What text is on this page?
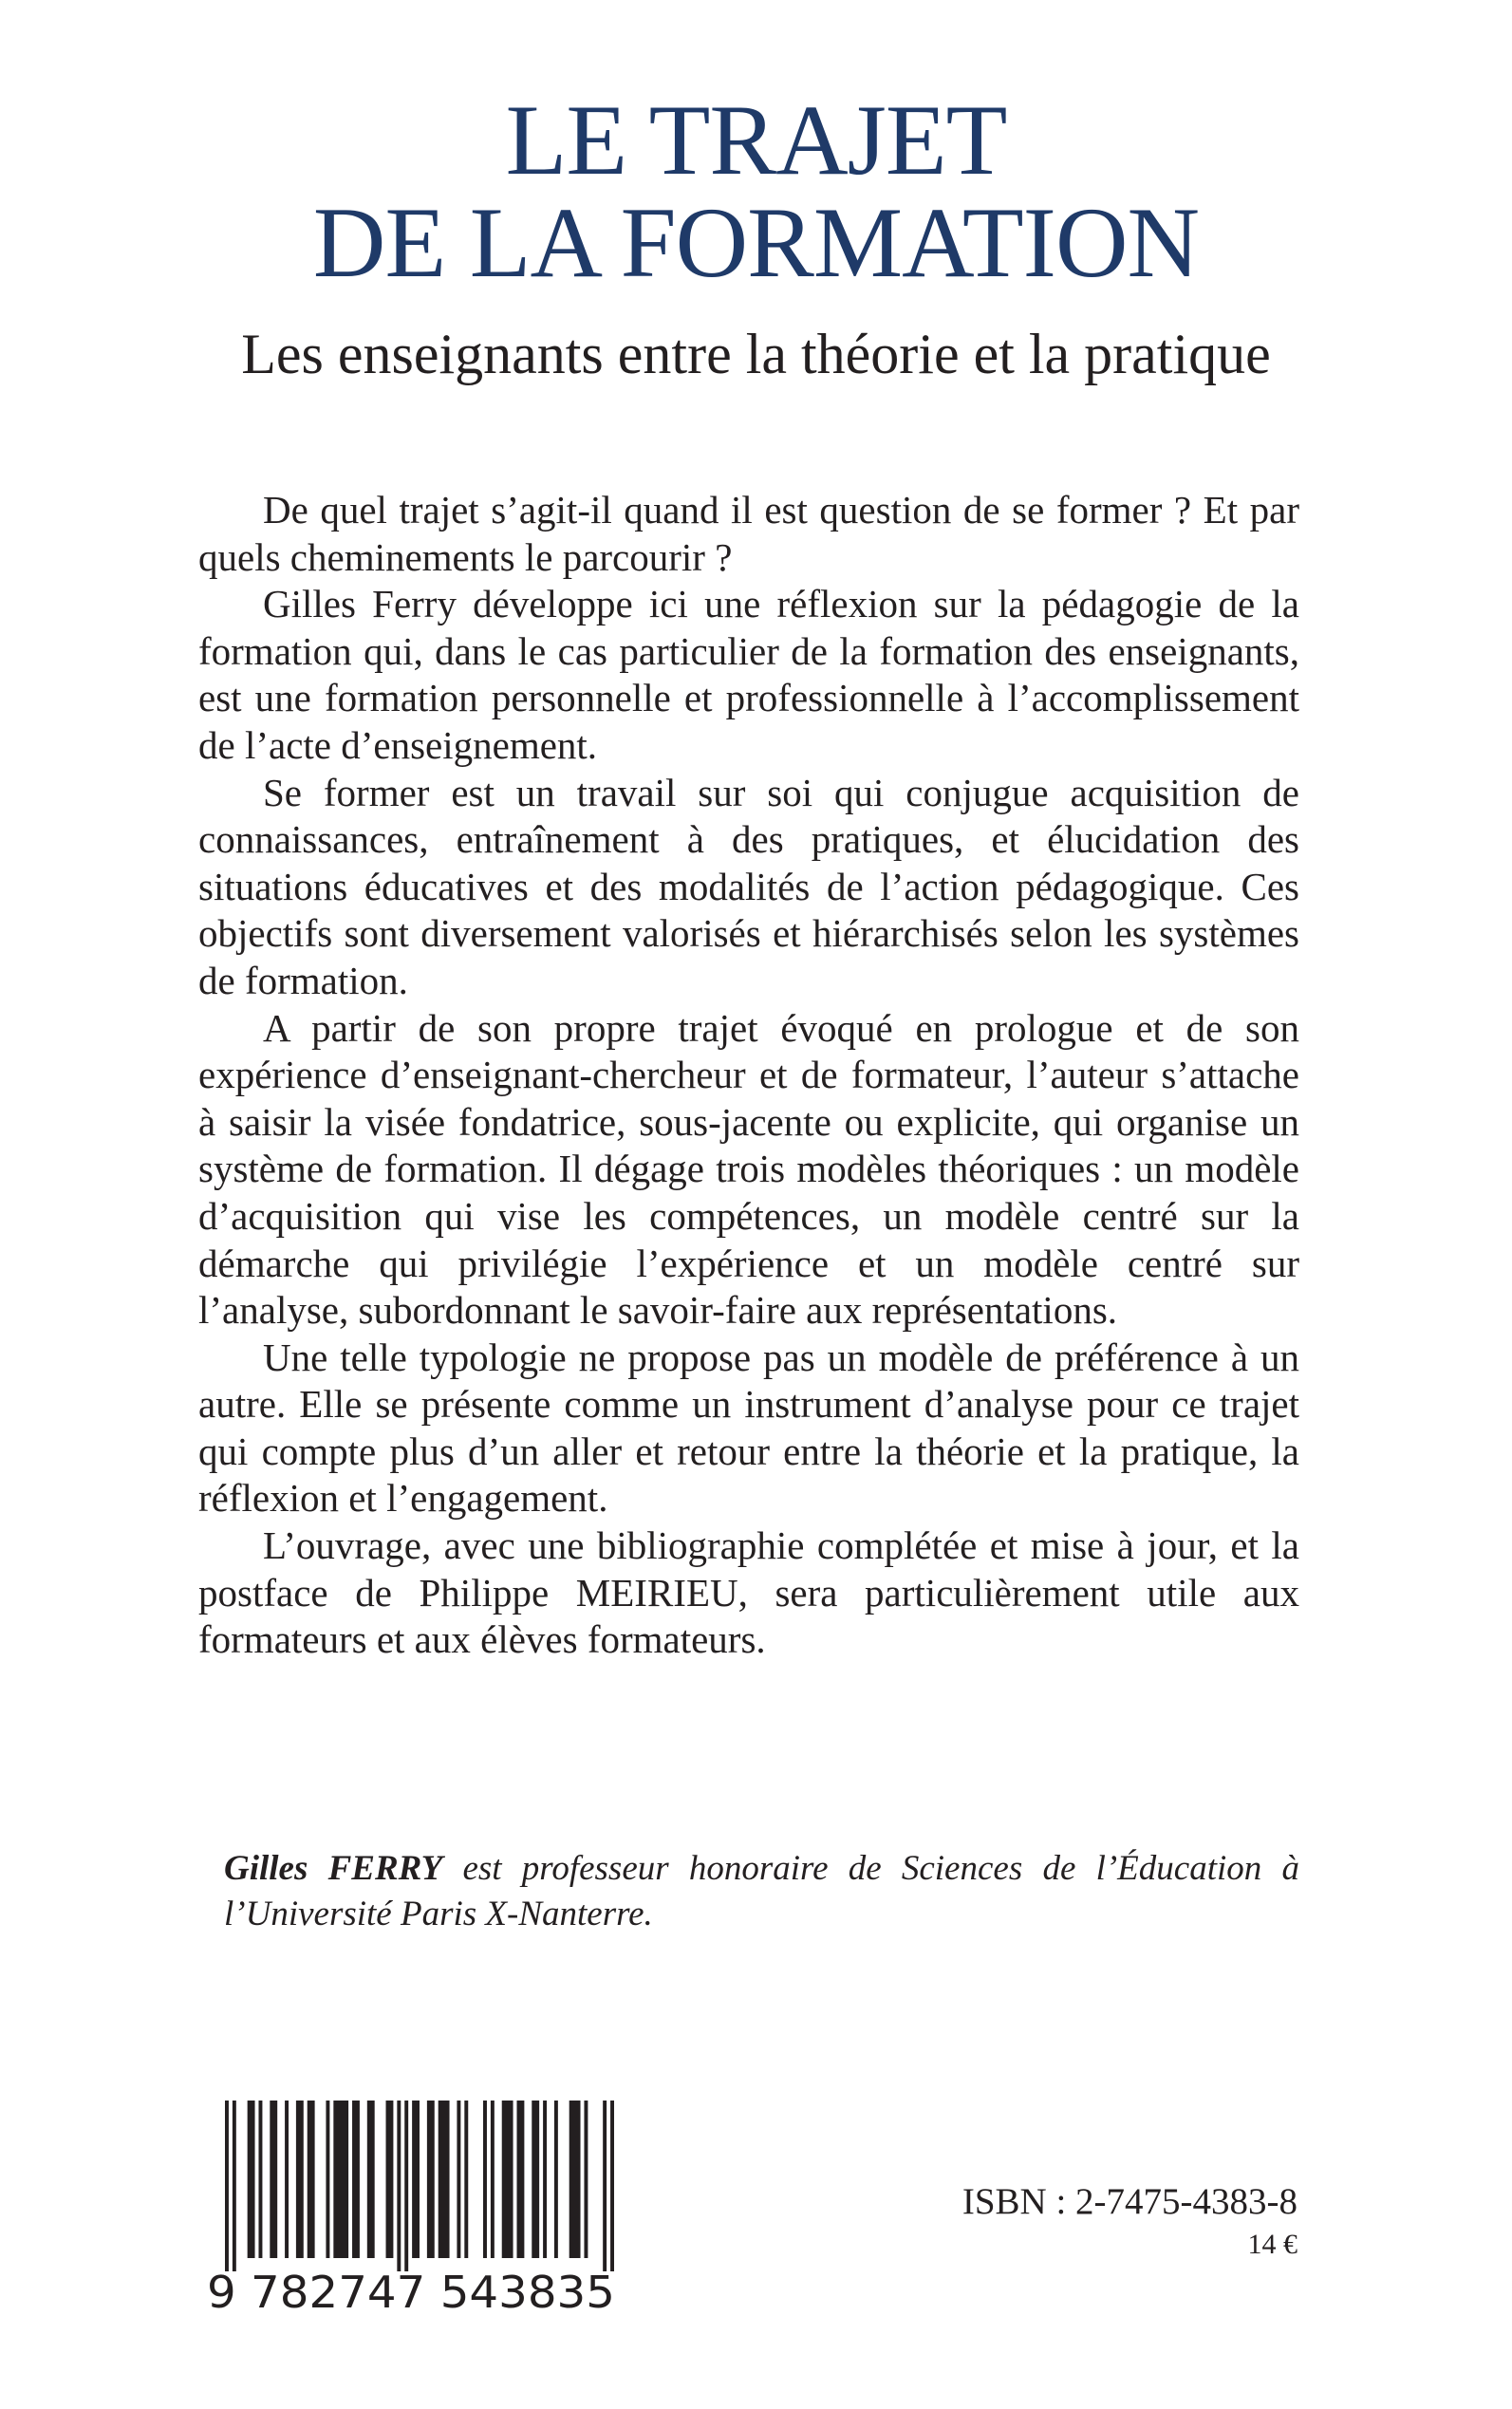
LE TRAJET
DE LA FORMATION
Les enseignants entre la théorie et la pratique

De quel trajet s’agit-il quand il est question de se former ? Et par quels cheminements le parcourir ?

Gilles Ferry développe ici une réflexion sur la pédagogie de la formation qui, dans le cas particulier de la formation des enseignants, est une formation personnelle et professionnelle à l’accomplissement de l’acte d’enseignement.

Se former est un travail sur soi qui conjugue acquisition de connaissances, entraînement à des pratiques, et élucidation des situations éducatives et des modalités de l’action pédagogique. Ces objectifs sont diversement valorisés et hiérarchisés selon les systèmes de formation.

A partir de son propre trajet évoqué en prologue et de son expérience d’enseignant-chercheur et de formateur, l’auteur s’attache à saisir la visée fondatrice, sous-jacente ou explicite, qui organise un système de formation. Il dégage trois modèles théoriques : un modèle d’acquisition qui vise les compétences, un modèle centré sur la démarche qui privilégie l’expérience et un modèle centré sur l’analyse, subordonnant le savoir-faire aux représentations.

Une telle typologie ne propose pas un modèle de préférence à un autre. Elle se présente comme un instrument d’analyse pour ce trajet qui compte plus d’un aller et retour entre la théorie et la pratique, la réflexion et l’engagement.

L’ouvrage, avec une bibliographie complétée et mise à jour, et la postface de Philippe MEIRIEU, sera particulièrement utile aux formateurs et aux élèves formateurs.

Gilles FERRY est professeur honoraire de Sciences de l’Éducation à l’Université Paris X-Nanterre.
9 782747 543835
ISBN : 2-7475-4383-8
14 €
